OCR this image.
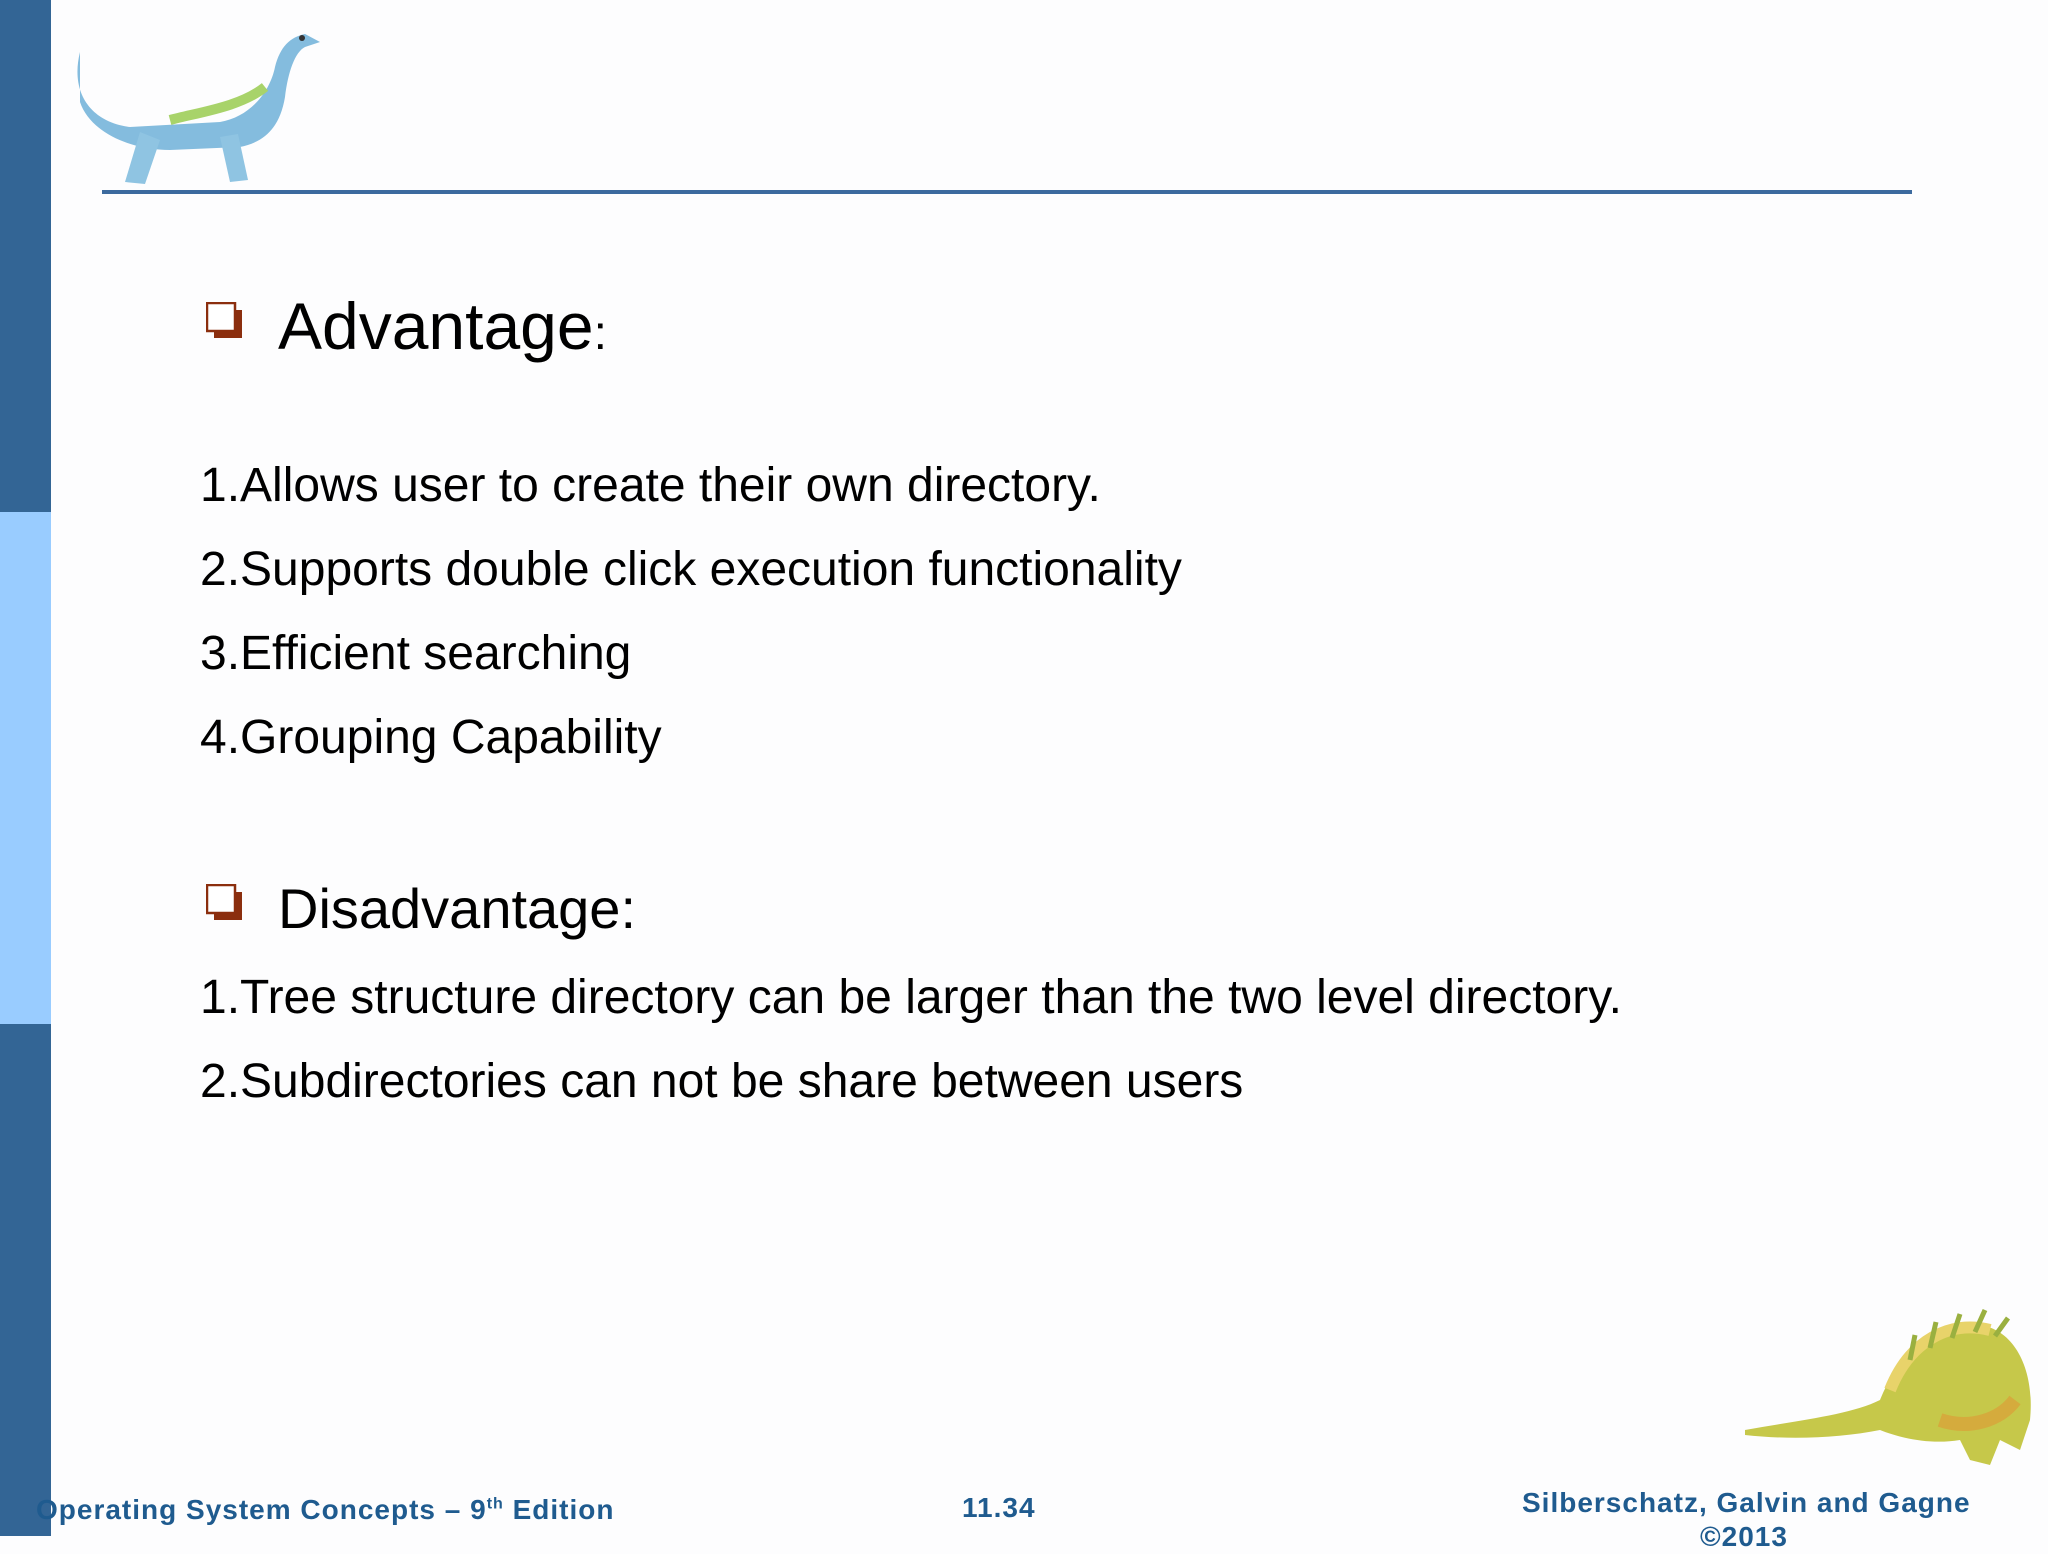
Advantage:
1.Allows user to create their own directory.
2.Supports double click execution functionality
3.Efficient searching
4.Grouping Capability
Disadvantage:
1.Tree structure directory can be larger than the two level directory.
2.Subdirectories can not be share between users
Operating System Concepts – 9th Edition	11.34	Silberschatz, Galvin and Gagne
©2013
